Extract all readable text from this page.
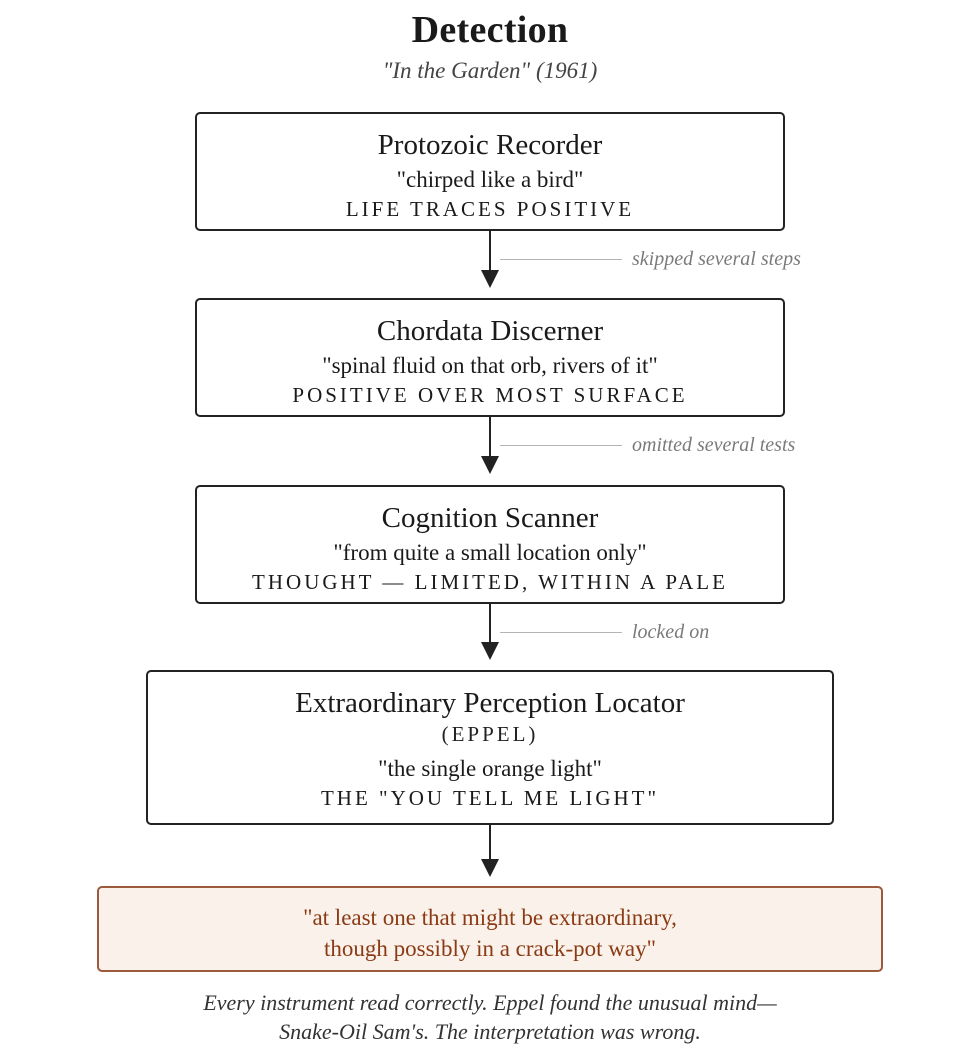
Detection
"In the Garden" (1961)
Protozoic Recorder
"chirped like a bird"
LIFE TRACES POSITIVE
skipped several steps
Chordata Discerner
"spinal fluid on that orb, rivers of it"
POSITIVE OVER MOST SURFACE
omitted several tests
Cognition Scanner
"from quite a small location only"
THOUGHT — LIMITED, WITHIN A PALE
locked on
Extraordinary Perception Locator
(EPPEL)
"the single orange light"
THE "YOU TELL ME LIGHT"
"at least one that might be extraordinary,
though possibly in a crack-pot way"
Every instrument read correctly. Eppel found the unusual mind—
Snake-Oil Sam's. The interpretation was wrong.
